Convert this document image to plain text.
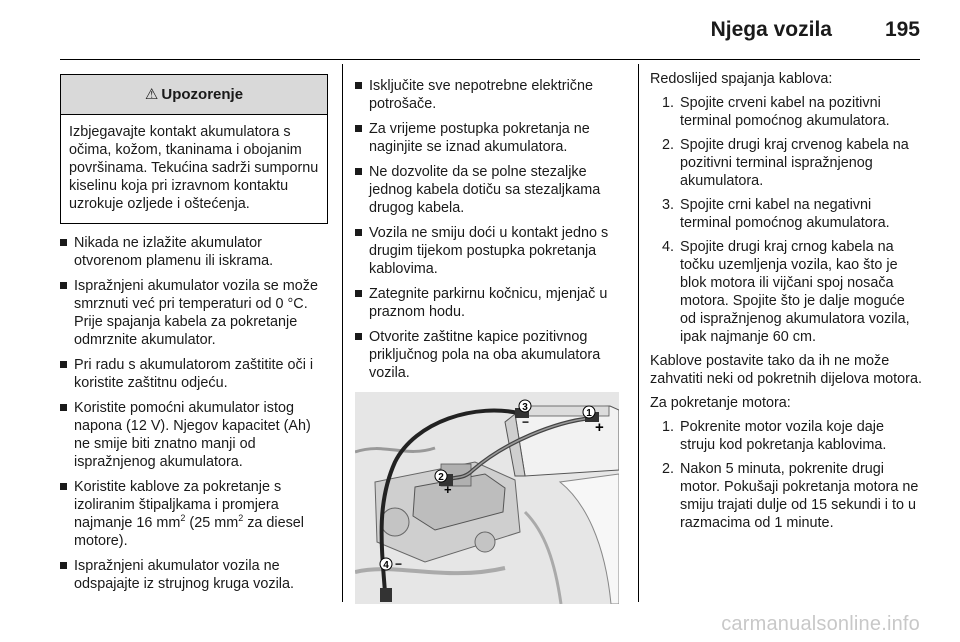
Njega vozila	195
⚠ Upozorenje
Izbjegavajte kontakt akumulatora s očima, kožom, tkaninama i obojanim površinama. Tekućina sadrži sumpornu kiselinu koja pri izravnom kontaktu uzrokuje ozljede i oštećenja.
Nikada ne izlažite akumulator otvorenom plamenu ili iskrama.
Ispražnjeni akumulator vozila se može smrznuti već pri temperaturi od 0 °C. Prije spajanja kabela za pokretanje odmrznite akumulator.
Pri radu s akumulatorom zaštitite oči i koristite zaštitnu odjeću.
Koristite pomoćni akumulator istog napona (12 V). Njegov kapacitet (Ah) ne smije biti znatno manji od ispražnjenog akumulatora.
Koristite kablove za pokretanje s izoliranim štipaljkama i promjera najmanje 16 $mm^2$ (25 $mm^2$ za diesel motore).
Ispražnjeni akumulator vozila ne odspajajte iz strujnog kruga vozila.
Isključite sve nepotrebne električne potrošače.
Za vrijeme postupka pokretanja ne naginjite se iznad akumulatora.
Ne dozvolite da se polne stezaljke jednog kabela dotiču sa stezaljkama drugog kabela.
Vozila ne smiju doći u kontakt jedno s drugim tijekom postupka pokretanja kablovima.
Zategnite parkirnu kočnicu, mjenjač u praznom hodu.
Otvorite zaštitne kapice pozitivnog priključnog pola na oba akumulatora vozila.
3
−
1
+
2
+
4 −
Redoslijed spajanja kablova:
1. Spojite crveni kabel na pozitivni terminal pomoćnog akumulatora.
2. Spojite drugi kraj crvenog kabela na pozitivni terminal ispražnjenog akumulatora.
3. Spojite crni kabel na negativni terminal pomoćnog akumulatora.
4. Spojite drugi kraj crnog kabela na točku uzemljenja vozila, kao što je blok motora ili vijčani spoj nosača motora. Spojite što je dalje moguće od ispražnjenog akumulatora vozila, ipak najmanje 60 cm.
Kablove postavite tako da ih ne može zahvatiti neki od pokretnih dijelova motora.
Za pokretanje motora:
1. Pokrenite motor vozila koje daje struju kod pokretanja kablovima.
2. Nakon 5 minuta, pokrenite drugi motor. Pokušaji pokretanja motora ne smiju trajati dulje od 15 sekundi i to u razmacima od 1 minute.
carmanualsonline.info
